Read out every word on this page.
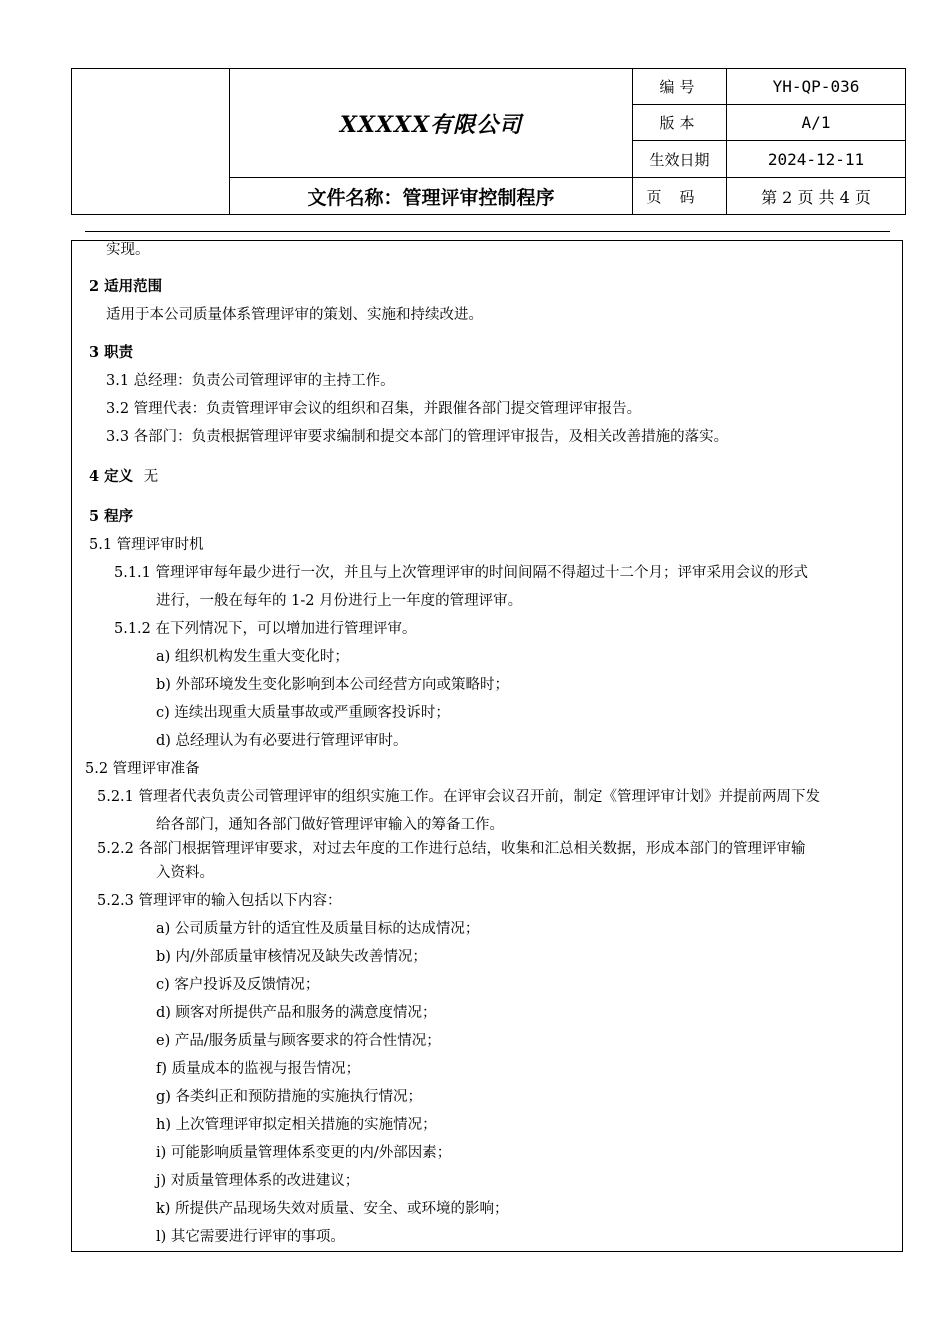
	XXXXX有限公司	编号	YH-QP-036
		版本	A/1
		生效日期	2024-12-11
	文件名称：管理评审控制程序	页码	第 2 页 共 4 页
实现。
2 适用范围
适用于本公司质量体系管理评审的策划、实施和持续改进。
3 职责
3.1 总经理：负责公司管理评审的主持工作。
3.2 管理代表：负责管理评审会议的组织和召集，并跟催各部门提交管理评审报告。
3.3 各部门：负责根据管理评审要求编制和提交本部门的管理评审报告，及相关改善措施的落实。
4 定义 无
5 程序
5.1 管理评审时机
5.1.1 管理评审每年最少进行一次，并且与上次管理评审的时间间隔不得超过十二个月；评审采用会议的形式
进行，一般在每年的 1-2 月份进行上一年度的管理评审。
5.1.2 在下列情况下，可以增加进行管理评审。
a) 组织机构发生重大变化时；
b) 外部环境发生变化影响到本公司经营方向或策略时；
c) 连续出现重大质量事故或严重顾客投诉时；
d) 总经理认为有必要进行管理评审时。
5.2 管理评审准备
5.2.1 管理者代表负责公司管理评审的组织实施工作。在评审会议召开前，制定《管理评审计划》并提前两周下发
给各部门，通知各部门做好管理评审输入的筹备工作。
5.2.2 各部门根据管理评审要求，对过去年度的工作进行总结，收集和汇总相关数据，形成本部门的管理评审输
入资料。
5.2.3 管理评审的输入包括以下内容：
a) 公司质量方针的适宜性及质量目标的达成情况；
b) 内/外部质量审核情况及缺失改善情况；
c) 客户投诉及反馈情况；
d) 顾客对所提供产品和服务的满意度情况；
e) 产品/服务质量与顾客要求的符合性情况；
f) 质量成本的监视与报告情况；
g) 各类纠正和预防措施的实施执行情况；
h) 上次管理评审拟定相关措施的实施情况；
i) 可能影响质量管理体系变更的内/外部因素；
j) 对质量管理体系的改进建议；
k) 所提供产品现场失效对质量、安全、或环境的影响；
l) 其它需要进行评审的事项。
